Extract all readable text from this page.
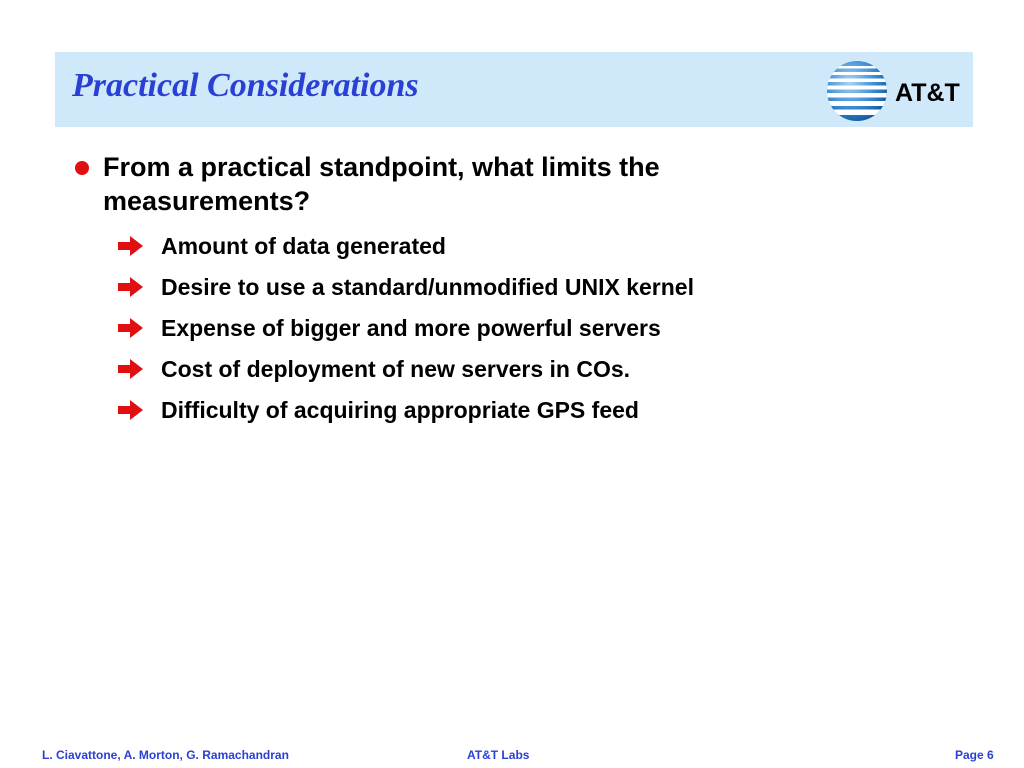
Practical Considerations	AT&T

From a practical standpoint, what limits the measurements?

Amount of data generated
Desire to use a standard/unmodified UNIX kernel
Expense of bigger and more powerful servers
Cost of deployment of new servers in COs.
Difficulty of acquiring appropriate GPS feed
L. Ciavattone, A. Morton, G. Ramachandran	AT&T Labs	Page 6
